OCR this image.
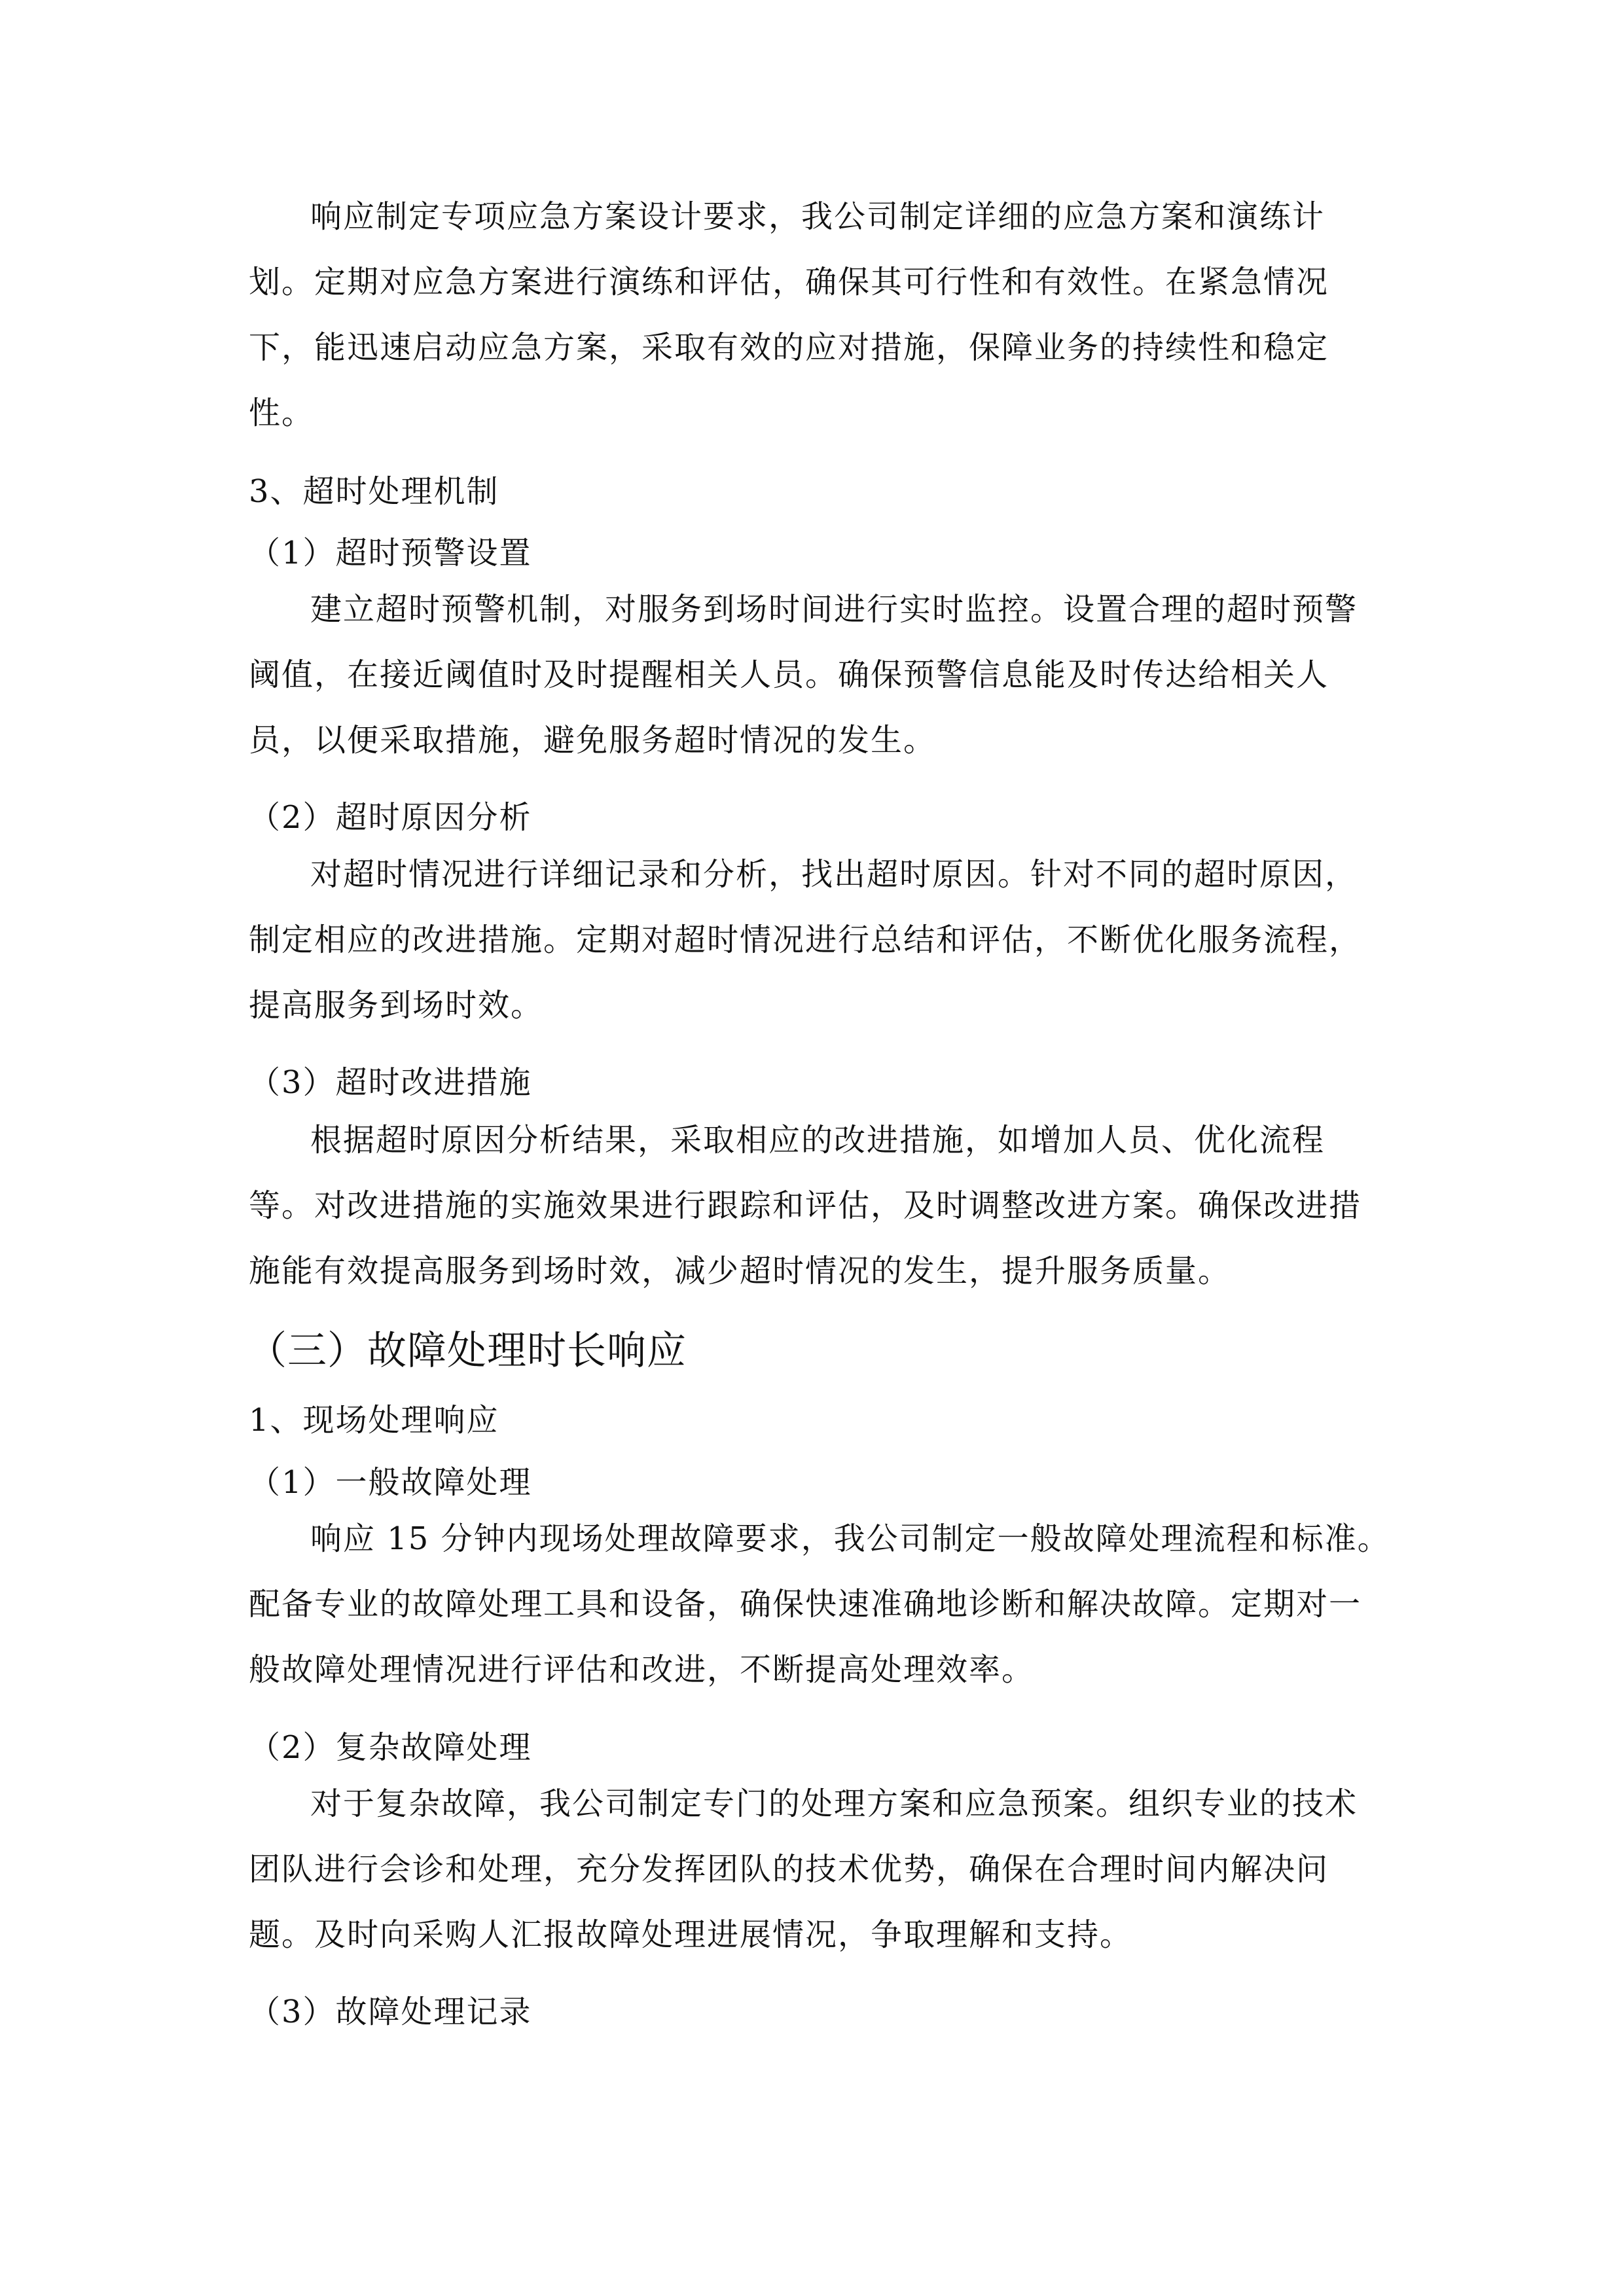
响应制定专项应急方案设计要求，我公司制定详细的应急方案和演练计
划。定期对应急方案进行演练和评估，确保其可行性和有效性。在紧急情况
下，能迅速启动应急方案，采取有效的应对措施，保障业务的持续性和稳定
性。
3、超时处理机制
（1）超时预警设置
建立超时预警机制，对服务到场时间进行实时监控。设置合理的超时预警
阈值，在接近阈值时及时提醒相关人员。确保预警信息能及时传达给相关人
员，以便采取措施，避免服务超时情况的发生。
（2）超时原因分析
对超时情况进行详细记录和分析，找出超时原因。针对不同的超时原因，
制定相应的改进措施。定期对超时情况进行总结和评估，不断优化服务流程，
提高服务到场时效。
（3）超时改进措施
根据超时原因分析结果，采取相应的改进措施，如增加人员、优化流程
等。对改进措施的实施效果进行跟踪和评估，及时调整改进方案。确保改进措
施能有效提高服务到场时效，减少超时情况的发生，提升服务质量。
（三）故障处理时长响应
1、现场处理响应
（1）一般故障处理
响应 15 分钟内现场处理故障要求，我公司制定一般故障处理流程和标准。
配备专业的故障处理工具和设备，确保快速准确地诊断和解决故障。定期对一
般故障处理情况进行评估和改进，不断提高处理效率。
（2）复杂故障处理
对于复杂故障，我公司制定专门的处理方案和应急预案。组织专业的技术
团队进行会诊和处理，充分发挥团队的技术优势，确保在合理时间内解决问
题。及时向采购人汇报故障处理进展情况，争取理解和支持。
（3）故障处理记录
